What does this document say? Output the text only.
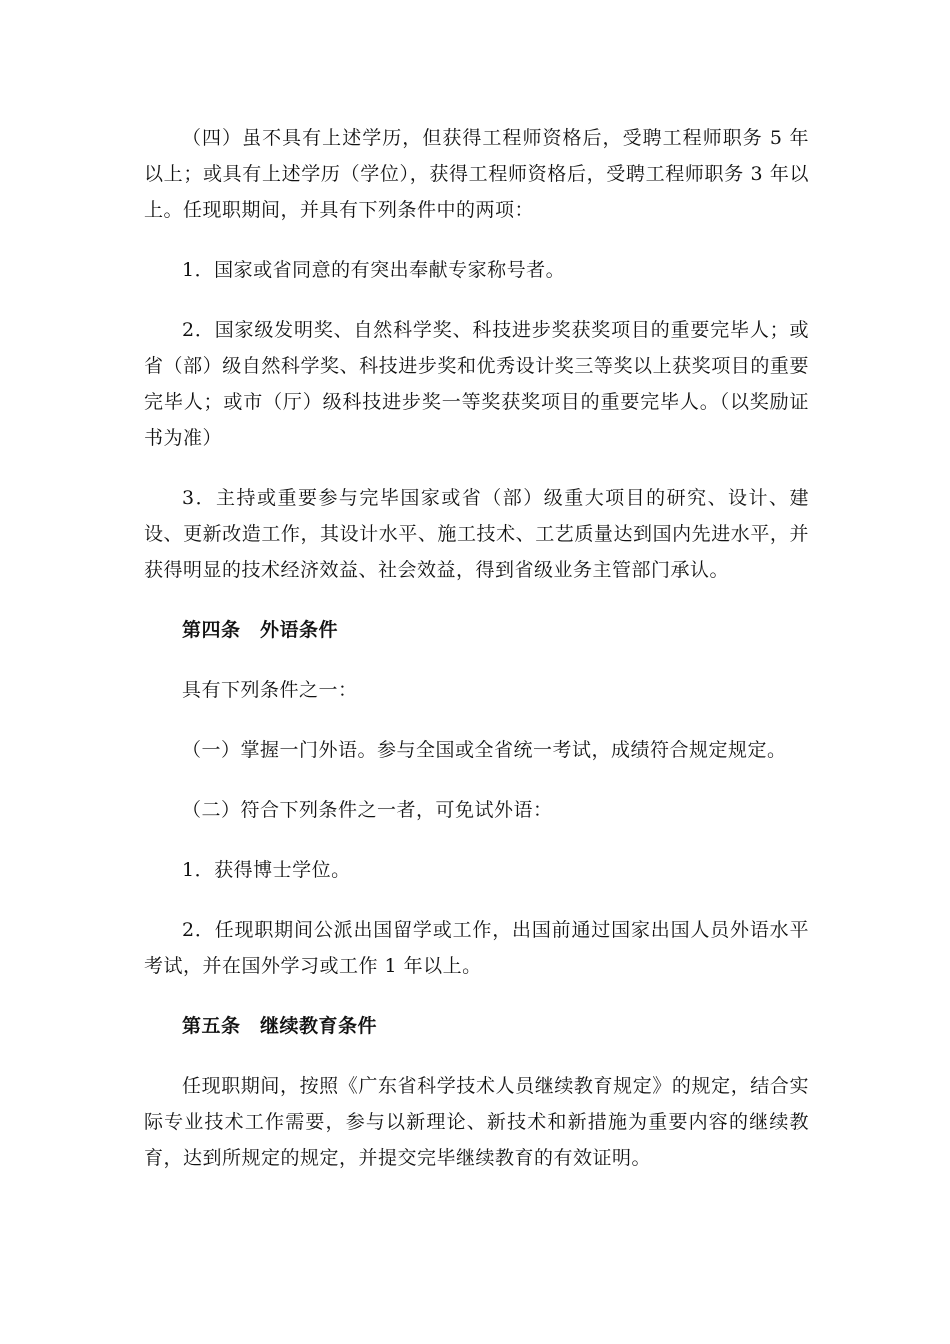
（四）虽不具有上述学历，但获得工程师资格后，受聘工程师职务 5 年以上；或具有上述学历（学位），获得工程师资格后，受聘工程师职务 3 年以上。任现职期间，并具有下列条件中的两项：

1．国家或省同意的有突出奉献专家称号者。

2．国家级发明奖、自然科学奖、科技进步奖获奖项目的重要完毕人；或省（部）级自然科学奖、科技进步奖和优秀设计奖三等奖以上获奖项目的重要完毕人；或市（厅）级科技进步奖一等奖获奖项目的重要完毕人。（以奖励证书为准）

3．主持或重要参与完毕国家或省（部）级重大项目的研究、设计、建设、更新改造工作，其设计水平、施工技术、工艺质量达到国内先进水平，并获得明显的技术经济效益、社会效益，得到省级业务主管部门承认。

第四条　外语条件

具有下列条件之一：

（一）掌握一门外语。参与全国或全省统一考试，成绩符合规定规定。

（二）符合下列条件之一者，可免试外语：

1．获得博士学位。

2．任现职期间公派出国留学或工作，出国前通过国家出国人员外语水平考试，并在国外学习或工作 1 年以上。

第五条　继续教育条件

任现职期间，按照《广东省科学技术人员继续教育规定》的规定，结合实际专业技术工作需要，参与以新理论、新技术和新措施为重要内容的继续教育，达到所规定的规定，并提交完毕继续教育的有效证明。
